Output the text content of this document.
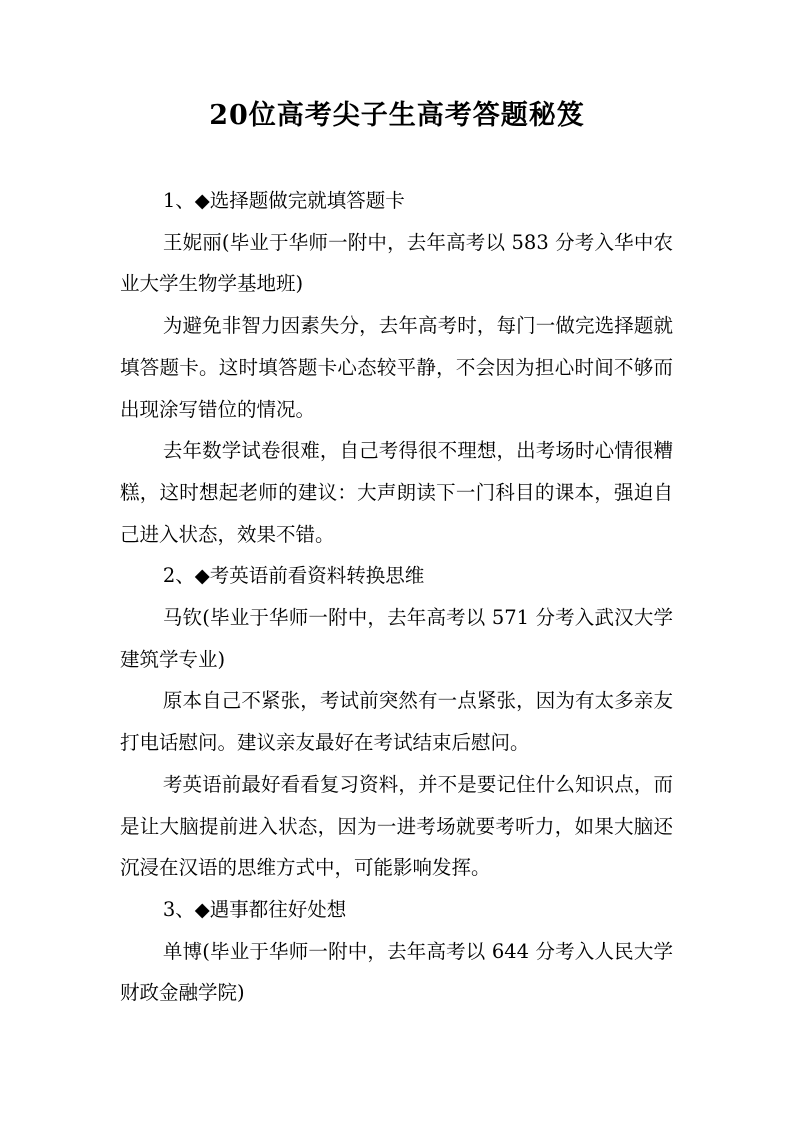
20位高考尖子生高考答题秘笈

1、◆选择题做完就填答题卡

王妮丽(毕业于华师一附中，去年高考以 583 分考入华中农业大学生物学基地班)

为避免非智力因素失分，去年高考时，每门一做完选择题就填答题卡。这时填答题卡心态较平静，不会因为担心时间不够而出现涂写错位的情况。

去年数学试卷很难，自己考得很不理想，出考场时心情很糟糕，这时想起老师的建议：大声朗读下一门科目的课本，强迫自己进入状态，效果不错。

2、◆考英语前看资料转换思维

马钦(毕业于华师一附中，去年高考以 571 分考入武汉大学建筑学专业)

原本自己不紧张，考试前突然有一点紧张，因为有太多亲友打电话慰问。建议亲友最好在考试结束后慰问。

考英语前最好看看复习资料，并不是要记住什么知识点，而是让大脑提前进入状态，因为一进考场就要考听力，如果大脑还沉浸在汉语的思维方式中，可能影响发挥。

3、◆遇事都往好处想

单博(毕业于华师一附中，去年高考以 644 分考入人民大学财政金融学院)
